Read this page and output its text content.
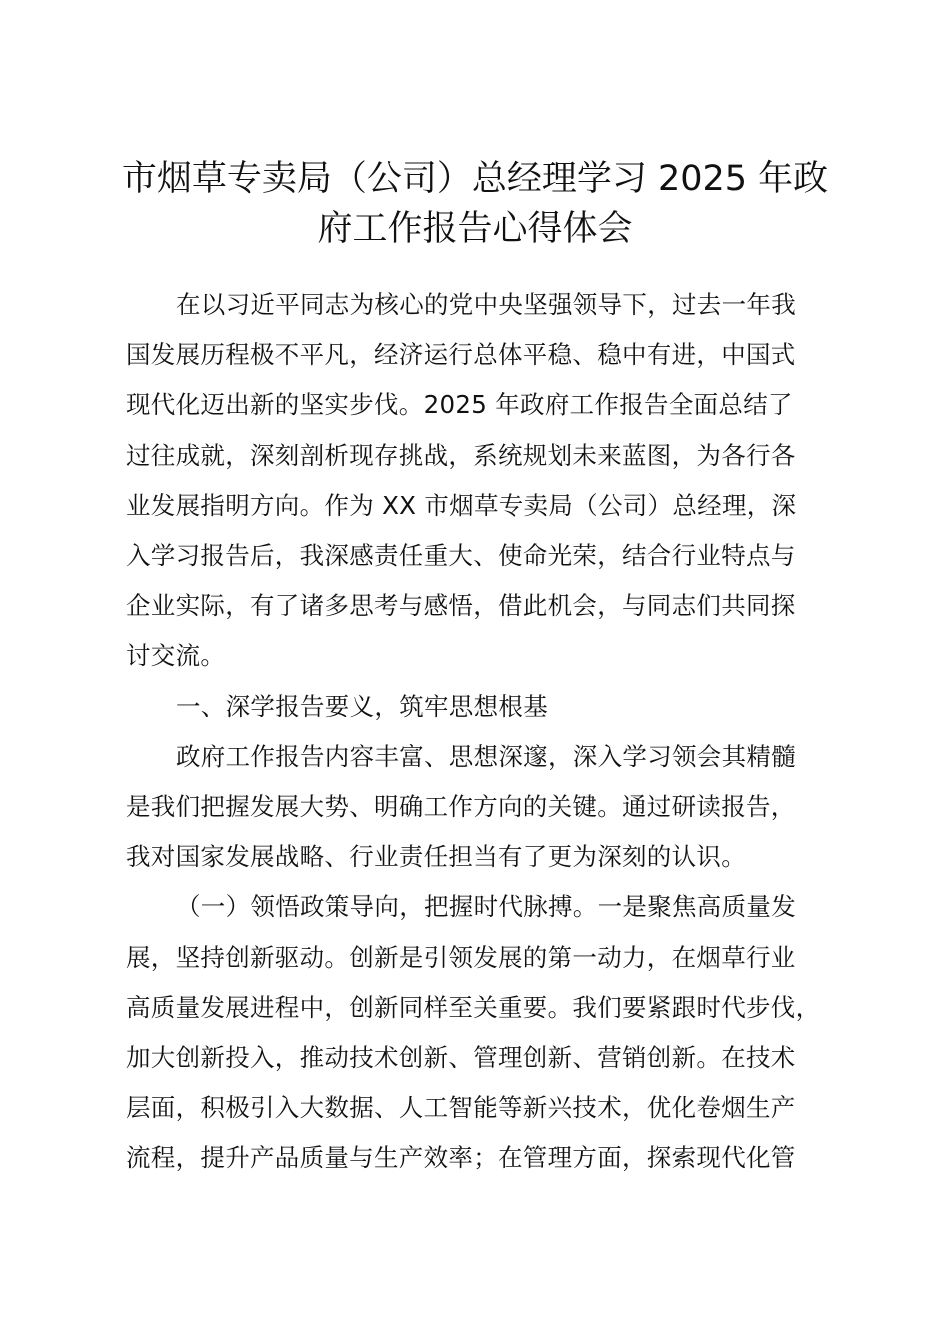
市烟草专卖局（公司）总经理学习 2025 年政
府工作报告心得体会

在以习近平同志为核心的党中央坚强领导下，过去一年我
国发展历程极不平凡，经济运行总体平稳、稳中有进，中国式
现代化迈出新的坚实步伐。2025 年政府工作报告全面总结了
过往成就，深刻剖析现存挑战，系统规划未来蓝图，为各行各
业发展指明方向。作为 XX 市烟草专卖局（公司）总经理，深
入学习报告后，我深感责任重大、使命光荣，结合行业特点与
企业实际，有了诸多思考与感悟，借此机会，与同志们共同探
讨交流。

一、深学报告要义，筑牢思想根基

政府工作报告内容丰富、思想深邃，深入学习领会其精髓
是我们把握发展大势、明确工作方向的关键。通过研读报告，
我对国家发展战略、行业责任担当有了更为深刻的认识。

（一）领悟政策导向，把握时代脉搏。一是聚焦高质量发
展，坚持创新驱动。创新是引领发展的第一动力，在烟草行业
高质量发展进程中，创新同样至关重要。我们要紧跟时代步伐，
加大创新投入，推动技术创新、管理创新、营销创新。在技术
层面，积极引入大数据、人工智能等新兴技术，优化卷烟生产
流程，提升产品质量与生产效率；在管理方面，探索现代化管
